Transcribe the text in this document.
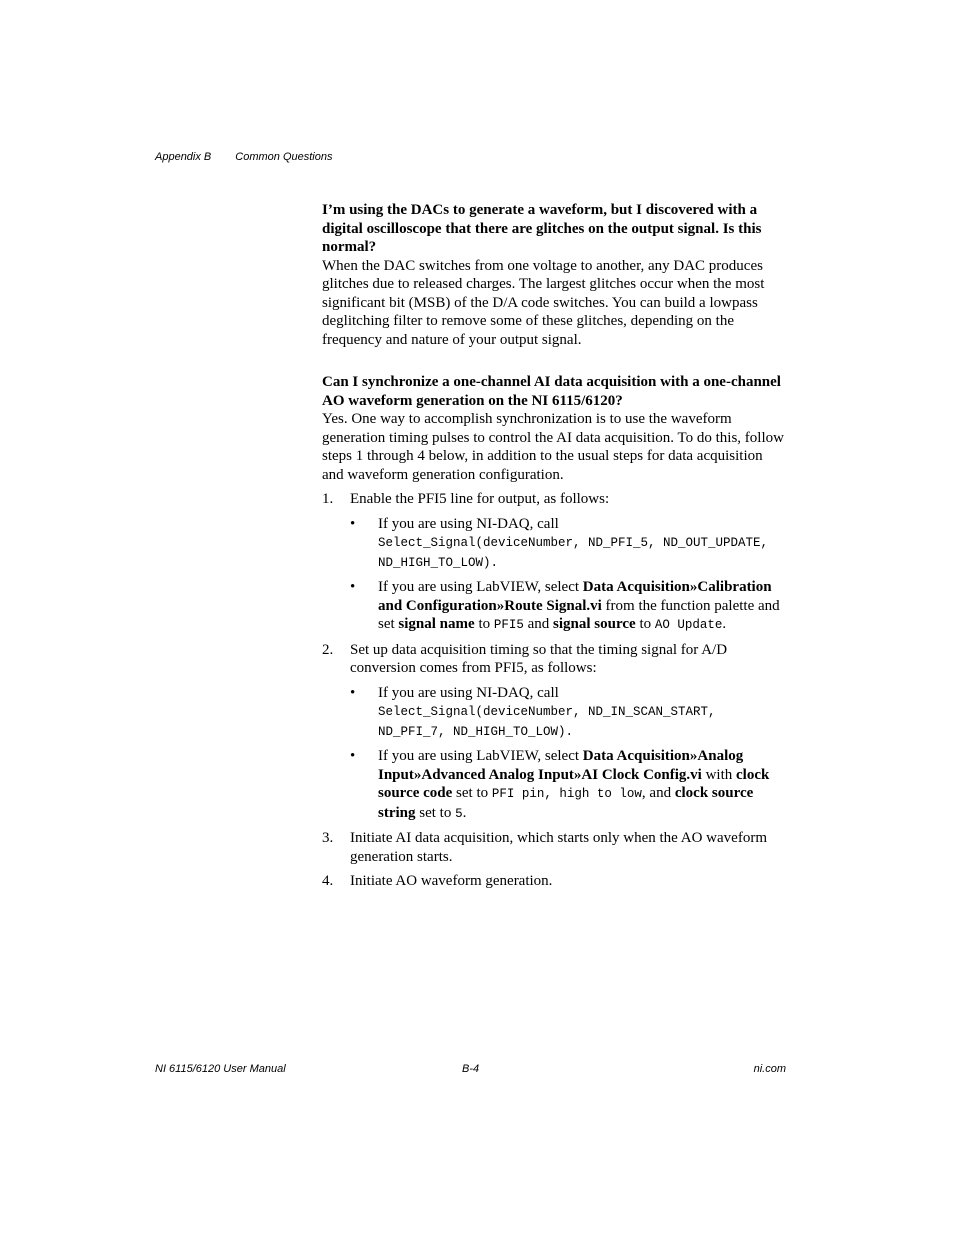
Appendix B Common Questions

I’m using the DACs to generate a waveform, but I discovered with a digital oscilloscope that there are glitches on the output signal. Is this normal?

When the DAC switches from one voltage to another, any DAC produces glitches due to released charges. The largest glitches occur when the most significant bit (MSB) of the D/A code switches. You can build a lowpass deglitching filter to remove some of these glitches, depending on the frequency and nature of your output signal.

Can I synchronize a one-channel AI data acquisition with a one-channel AO waveform generation on the NI 6115/6120?

Yes. One way to accomplish synchronization is to use the waveform generation timing pulses to control the AI data acquisition. To do this, follow steps 1 through 4 below, in addition to the usual steps for data acquisition and waveform generation configuration.

1. Enable the PFI5 line for output, as follows:
• If you are using NI-DAQ, call
Select_Signal(deviceNumber, ND_PFI_5, ND_OUT_UPDATE, ND_HIGH_TO_LOW).
• If you are using LabVIEW, select Data Acquisition»Calibration and Configuration»Route Signal.vi from the function palette and set signal name to PFI5 and signal source to AO Update.
2. Set up data acquisition timing so that the timing signal for A/D conversion comes from PFI5, as follows:
• If you are using NI-DAQ, call
Select_Signal(deviceNumber, ND_IN_SCAN_START, ND_PFI_7, ND_HIGH_TO_LOW).
• If you are using LabVIEW, select Data Acquisition»Analog Input»Advanced Analog Input»AI Clock Config.vi with clock source code set to PFI pin, high to low, and clock source string set to 5.
3. Initiate AI data acquisition, which starts only when the AO waveform generation starts.
4. Initiate AO waveform generation.
NI 6115/6120 User Manual	B-4	ni.com
